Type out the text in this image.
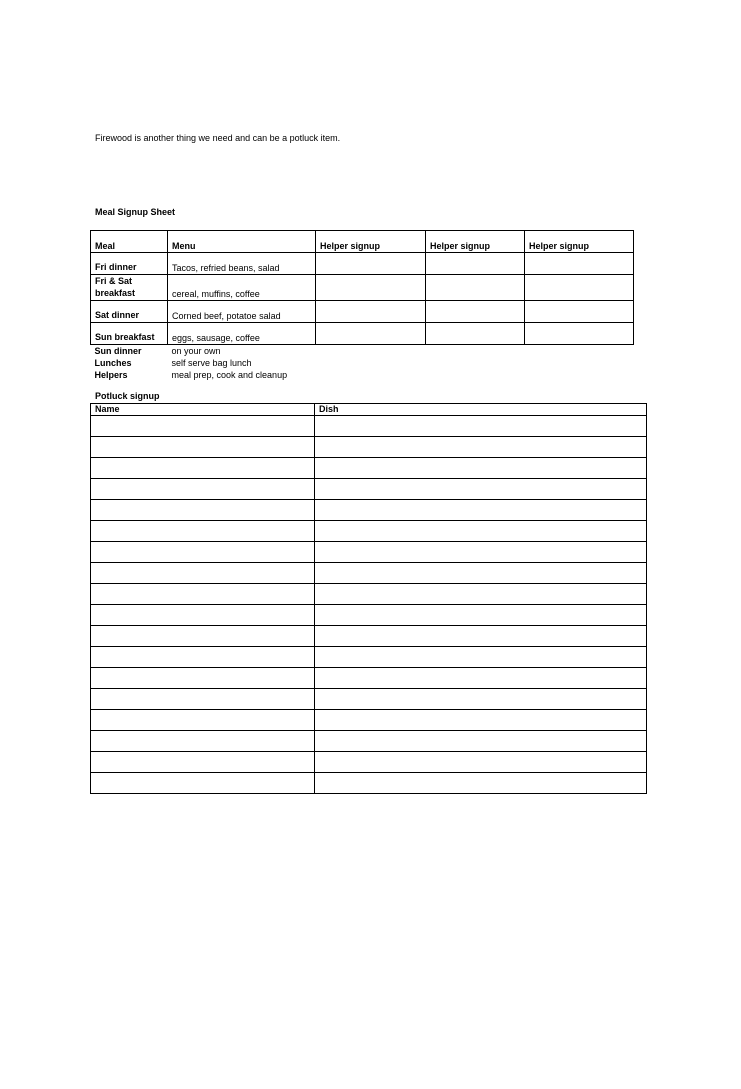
Firewood is another thing we need and can be a potluck item.
Meal Signup Sheet
Meal	Menu	Helper signup	Helper signup	Helper signup
Fri dinner	Tacos, refried beans, salad			
Fri & Sat breakfast	cereal, muffins, coffee			
Sat dinner	Corned beef, potatoe salad			
Sun breakfast	eggs, sausage, coffee			
Sun dinner	on your own			
Lunches	self serve bag lunch			
Helpers	meal prep, cook and cleanup			
Potluck signup
Name	Dish
